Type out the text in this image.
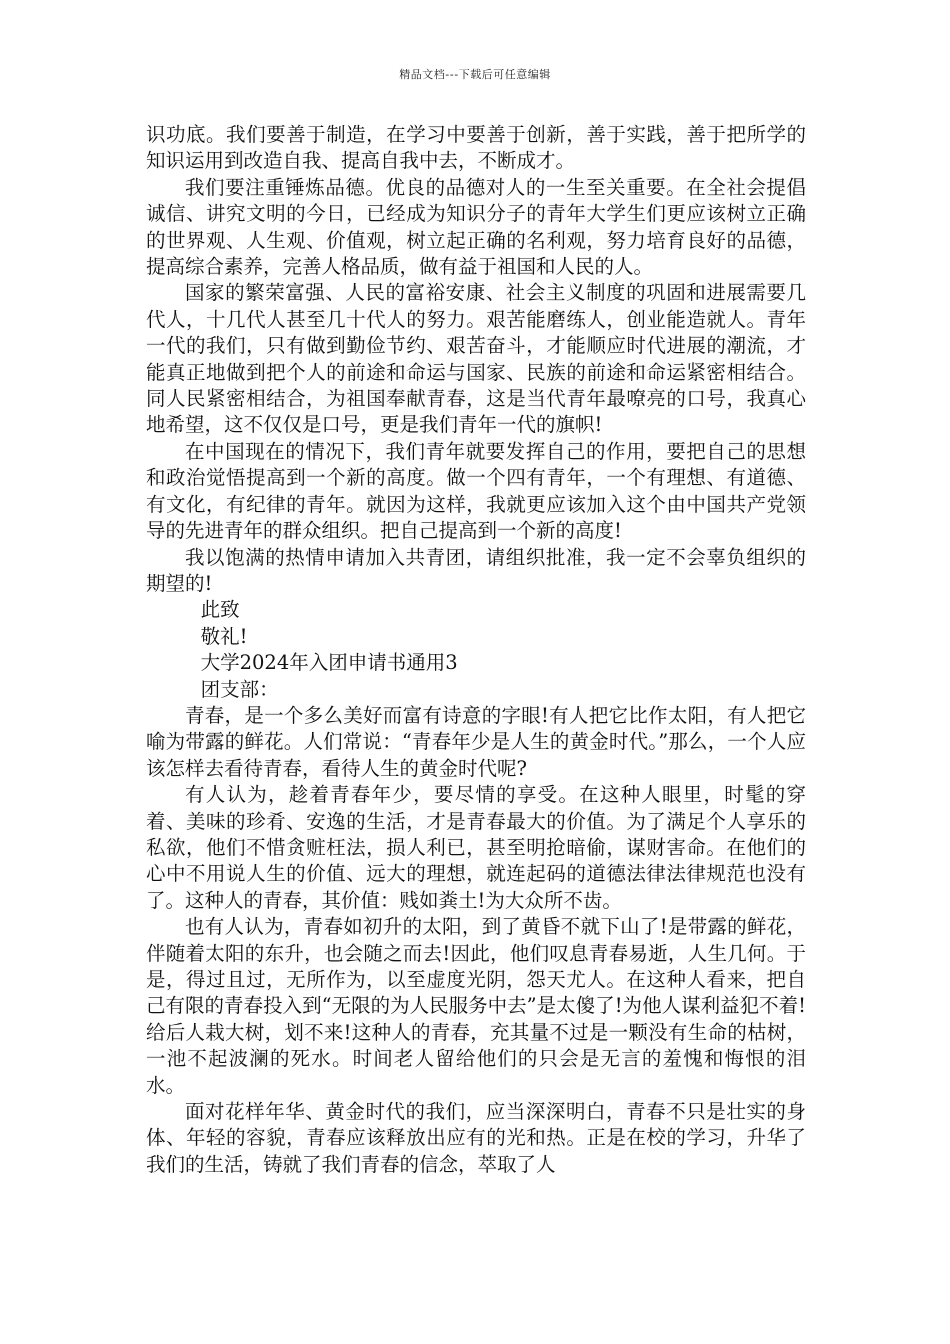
精品文档---下载后可任意编辑

识功底。我们要善于制造，在学习中要善于创新，善于实践，善于把所学的知识运用到改造自我、提高自我中去，不断成才。

我们要注重锤炼品德。优良的品德对人的一生至关重要。在全社会提倡诚信、讲究文明的今日，已经成为知识分子的青年大学生们更应该树立正确的世界观、人生观、价值观，树立起正确的名利观，努力培育良好的品德，提高综合素养，完善人格品质，做有益于祖国和人民的人。

国家的繁荣富强、人民的富裕安康、社会主义制度的巩固和进展需要几代人，十几代人甚至几十代人的努力。艰苦能磨练人，创业能造就人。青年一代的我们，只有做到勤俭节约、艰苦奋斗，才能顺应时代进展的潮流，才能真正地做到把个人的前途和命运与国家、民族的前途和命运紧密相结合。同人民紧密相结合，为祖国奉献青春，这是当代青年最嘹亮的口号，我真心地希望，这不仅仅是口号，更是我们青年一代的旗帜!

在中国现在的情况下，我们青年就要发挥自己的作用，要把自己的思想和政治觉悟提高到一个新的高度。做一个四有青年，一个有理想、有道德、有文化，有纪律的青年。就因为这样，我就更应该加入这个由中国共产党领导的先进青年的群众组织。把自己提高到一个新的高度!

我以饱满的热情申请加入共青团，请组织批准，我一定不会辜负组织的期望的!

此致

敬礼!

大学2024年入团申请书通用3

团支部：

青春，是一个多么美好而富有诗意的字眼!有人把它比作太阳，有人把它喻为带露的鲜花。人们常说：“青春年少是人生的黄金时代。”那么，一个人应该怎样去看待青春，看待人生的黄金时代呢?

有人认为，趁着青春年少，要尽情的享受。在这种人眼里，时髦的穿着、美味的珍肴、安逸的生活，才是青春最大的价值。为了满足个人享乐的私欲，他们不惜贪赃枉法，损人利已，甚至明抢暗偷，谋财害命。在他们的心中不用说人生的价值、远大的理想，就连起码的道德法律法律规范也没有了。这种人的青春，其价值：贱如粪土!为大众所不齿。

也有人认为，青春如初升的太阳，到了黄昏不就下山了!是带露的鲜花，伴随着太阳的东升，也会随之而去!因此，他们叹息青春易逝，人生几何。于是，得过且过，无所作为，以至虚度光阴，怨天尤人。在这种人看来，把自己有限的青春投入到“无限的为人民服务中去”是太傻了!为他人谋利益犯不着!给后人栽大树，划不来!这种人的青春，充其量不过是一颗没有生命的枯树，一池不起波澜的死水。时间老人留给他们的只会是无言的羞愧和悔恨的泪水。

面对花样年华、黄金时代的我们，应当深深明白，青春不只是壮实的身体、年轻的容貌，青春应该释放出应有的光和热。正是在校的学习，升华了我们的生活，铸就了我们青春的信念，萃取了人
